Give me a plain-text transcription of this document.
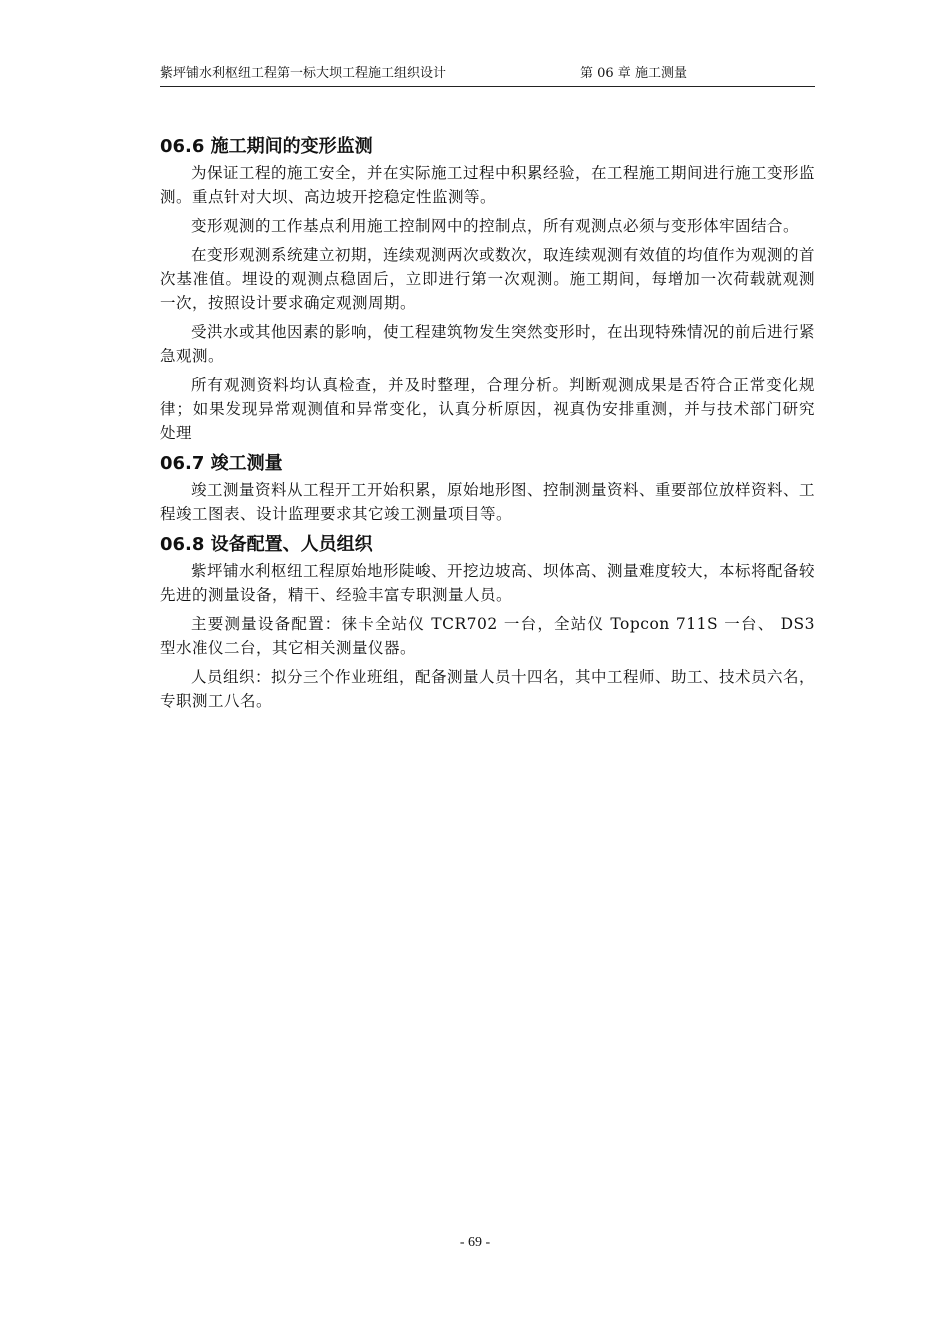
紫坪铺水利枢纽工程第一标大坝工程施工组织设计	第 06 章 施工测量
06.6 施工期间的变形监测

为保证工程的施工安全，并在实际施工过程中积累经验，在工程施工期间进行施工变形监测。重点针对大坝、高边坡开挖稳定性监测等。

变形观测的工作基点利用施工控制网中的控制点，所有观测点必须与变形体牢固结合。

在变形观测系统建立初期，连续观测两次或数次，取连续观测有效值的均值作为观测的首次基准值。埋设的观测点稳固后，立即进行第一次观测。施工期间，每增加一次荷载就观测一次，按照设计要求确定观测周期。

受洪水或其他因素的影响，使工程建筑物发生突然变形时，在出现特殊情况的前后进行紧急观测。

所有观测资料均认真检查，并及时整理，合理分析。判断观测成果是否符合正常变化规律；如果发现异常观测值和异常变化，认真分析原因，视真伪安排重测，并与技术部门研究处理

06.7 竣工测量

竣工测量资料从工程开工开始积累，原始地形图、控制测量资料、重要部位放样资料、工程竣工图表、设计监理要求其它竣工测量项目等。

06.8 设备配置、人员组织

紫坪铺水利枢纽工程原始地形陡峻、开挖边坡高、坝体高、测量难度较大，本标将配备较先进的测量设备，精干、经验丰富专职测量人员。

主要测量设备配置：徕卡全站仪 TCR702 一台，全站仪 Topcon 711S 一台、 DS3 型水准仪二台，其它相关测量仪器。

人员组织：拟分三个作业班组，配备测量人员十四名，其中工程师、助工、技术员六名，专职测工八名。

- 69 -
